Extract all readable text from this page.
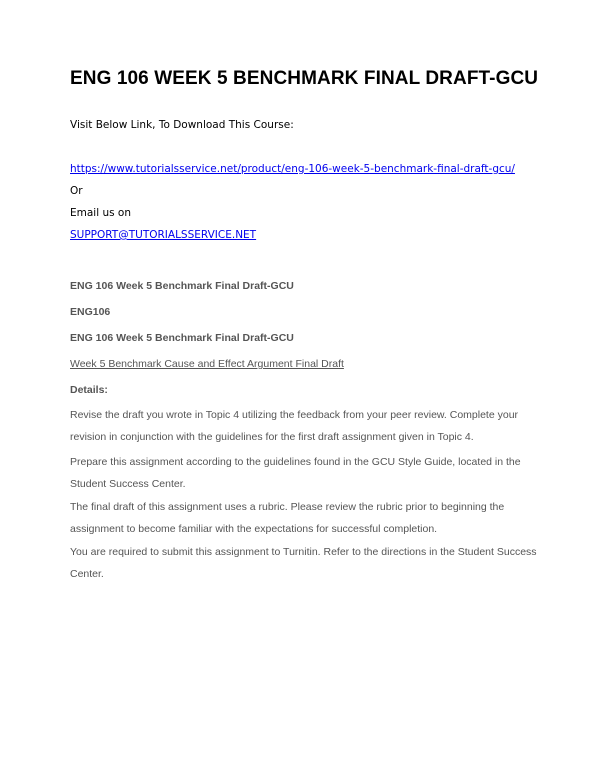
ENG 106 WEEK 5 BENCHMARK FINAL DRAFT-GCU
Visit Below Link, To Download This Course:
https://www.tutorialsservice.net/product/eng-106-week-5-benchmark-final-draft-gcu/
Or
Email us on
SUPPORT@TUTORIALSSERVICE.NET
ENG 106 Week 5 Benchmark Final Draft-GCU
ENG106
ENG 106 Week 5 Benchmark Final Draft-GCU
Week 5 Benchmark Cause and Effect Argument Final Draft
Details:

Revise the draft you wrote in Topic 4 utilizing the feedback from your peer review. Complete your revision in conjunction with the guidelines for the first draft assignment given in Topic 4.

Prepare this assignment according to the guidelines found in the GCU Style Guide, located in the Student Success Center.

The final draft of this assignment uses a rubric. Please review the rubric prior to beginning the assignment to become familiar with the expectations for successful completion.

You are required to submit this assignment to Turnitin. Refer to the directions in the Student Success Center.
